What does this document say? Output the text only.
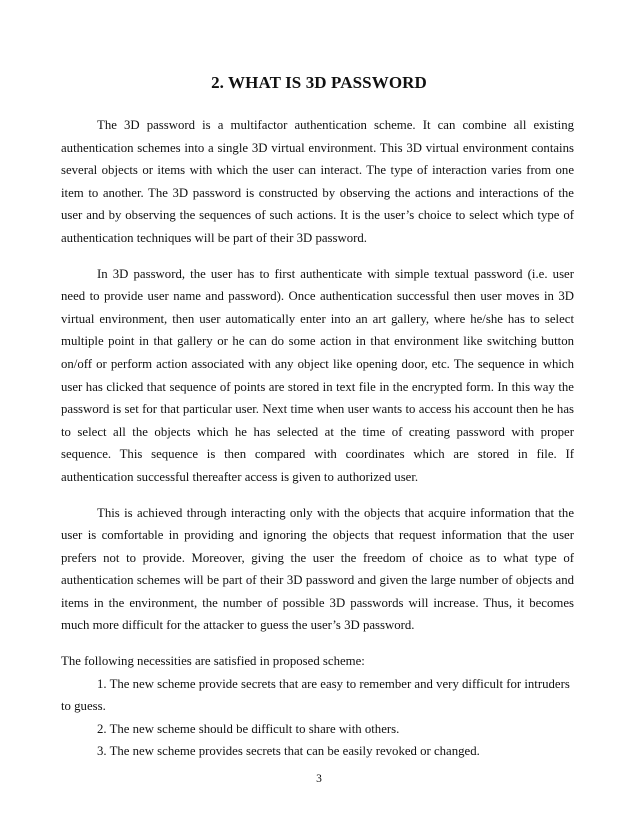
2. WHAT IS 3D PASSWORD

The 3D password is a multifactor authentication scheme. It can combine all existing authentication schemes into a single 3D virtual environment. This 3D virtual environment contains several objects or items with which the user can interact. The type of interaction varies from one item to another. The 3D password is constructed by observing the actions and interactions of the user and by observing the sequences of such actions. It is the user’s choice to select which type of authentication techniques will be part of their 3D password.

In 3D password, the user has to first authenticate with simple textual password (i.e. user need to provide user name and password). Once authentication successful then user moves in 3D virtual environment, then user automatically enter into an art gallery, where he/she has to select multiple point in that gallery or he can do some action in that environment like switching button on/off or perform action associated with any object like opening door, etc. The sequence in which user has clicked that sequence of points are stored in text file in the encrypted form. In this way the password is set for that particular user. Next time when user wants to access his account then he has to select all the objects which he has selected at the time of creating password with proper sequence. This sequence is then compared with coordinates which are stored in file. If authentication successful thereafter access is given to authorized user.

This is achieved through interacting only with the objects that acquire information that the user is comfortable in providing and ignoring the objects that request information that the user prefers not to provide. Moreover, giving the user the freedom of choice as to what type of authentication schemes will be part of their 3D password and given the large number of objects and items in the environment, the number of possible 3D passwords will increase. Thus, it becomes much more difficult for the attacker to guess the user’s 3D password.

The following necessities are satisfied in proposed scheme:

1. The new scheme provide secrets that are easy to remember and very difficult for intruders to guess.
2. The new scheme should be difficult to share with others.
3. The new scheme provides secrets that can be easily revoked or changed.
3
